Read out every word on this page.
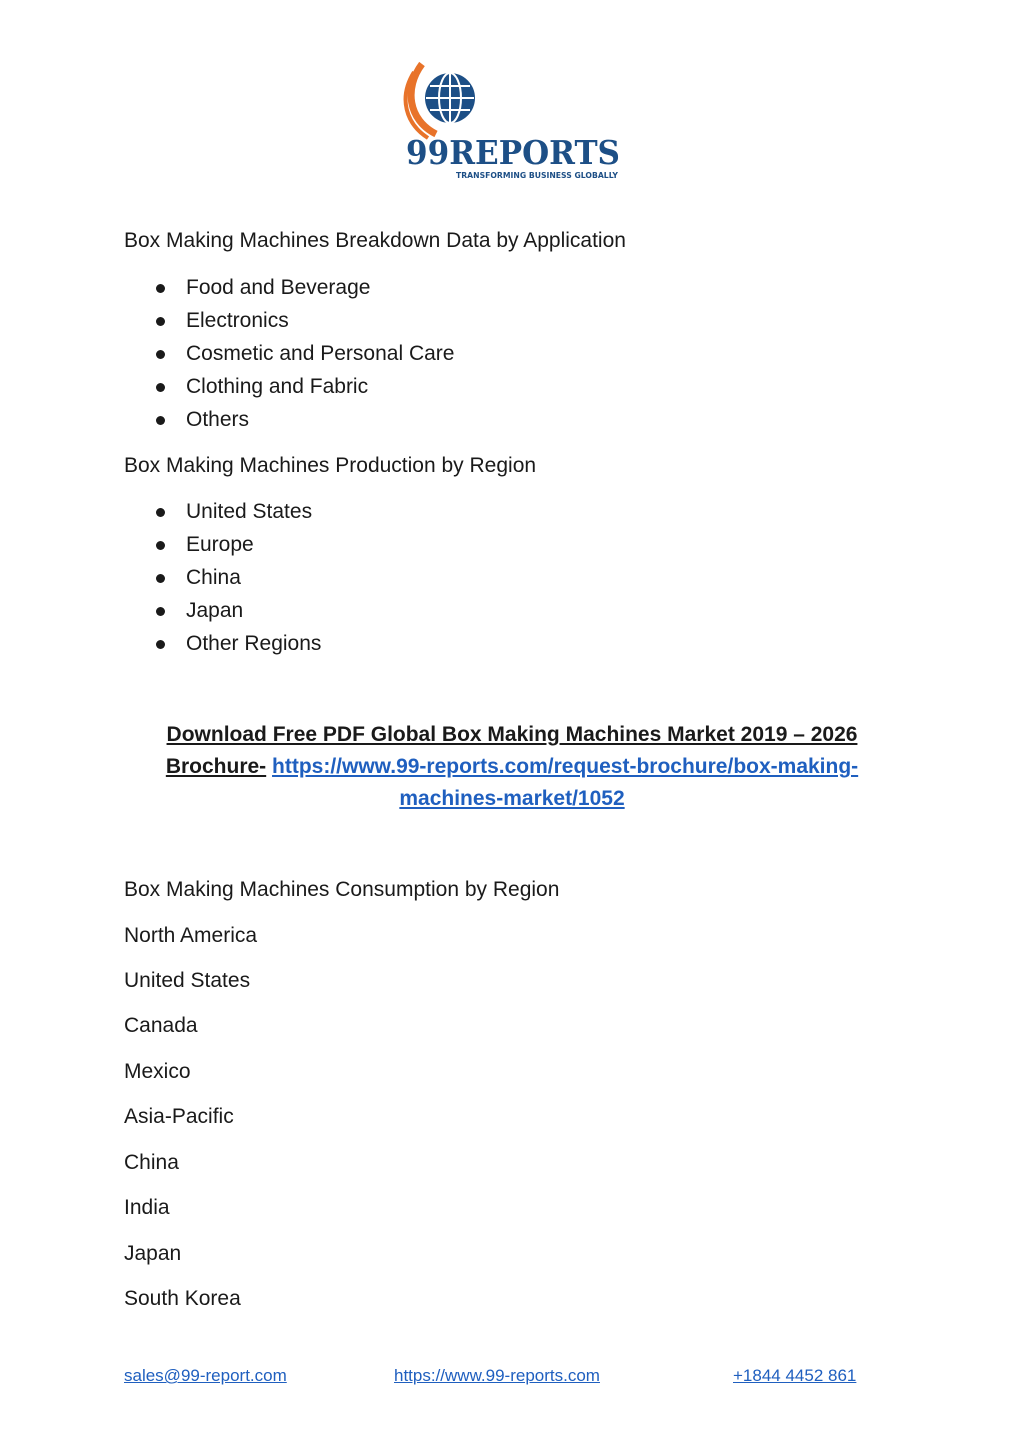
99REPORTS
TRANSFORMING BUSINESS GLOBALLY
Box Making Machines Breakdown Data by Application
Food and Beverage
Electronics
Cosmetic and Personal Care
Clothing and Fabric
Others
Box Making Machines Production by Region
United States
Europe
China
Japan
Other Regions
Download Free PDF Global Box Making Machines Market 2019 – 2026
Brochure- https://www.99-reports.com/request-brochure/box-making-
machines-market/1052
Box Making Machines Consumption by Region
North America
United States
Canada
Mexico
Asia-Pacific
China
India
Japan
South Korea
sales@99-report.com	https://www.99-reports.com	+1844 4452 861
